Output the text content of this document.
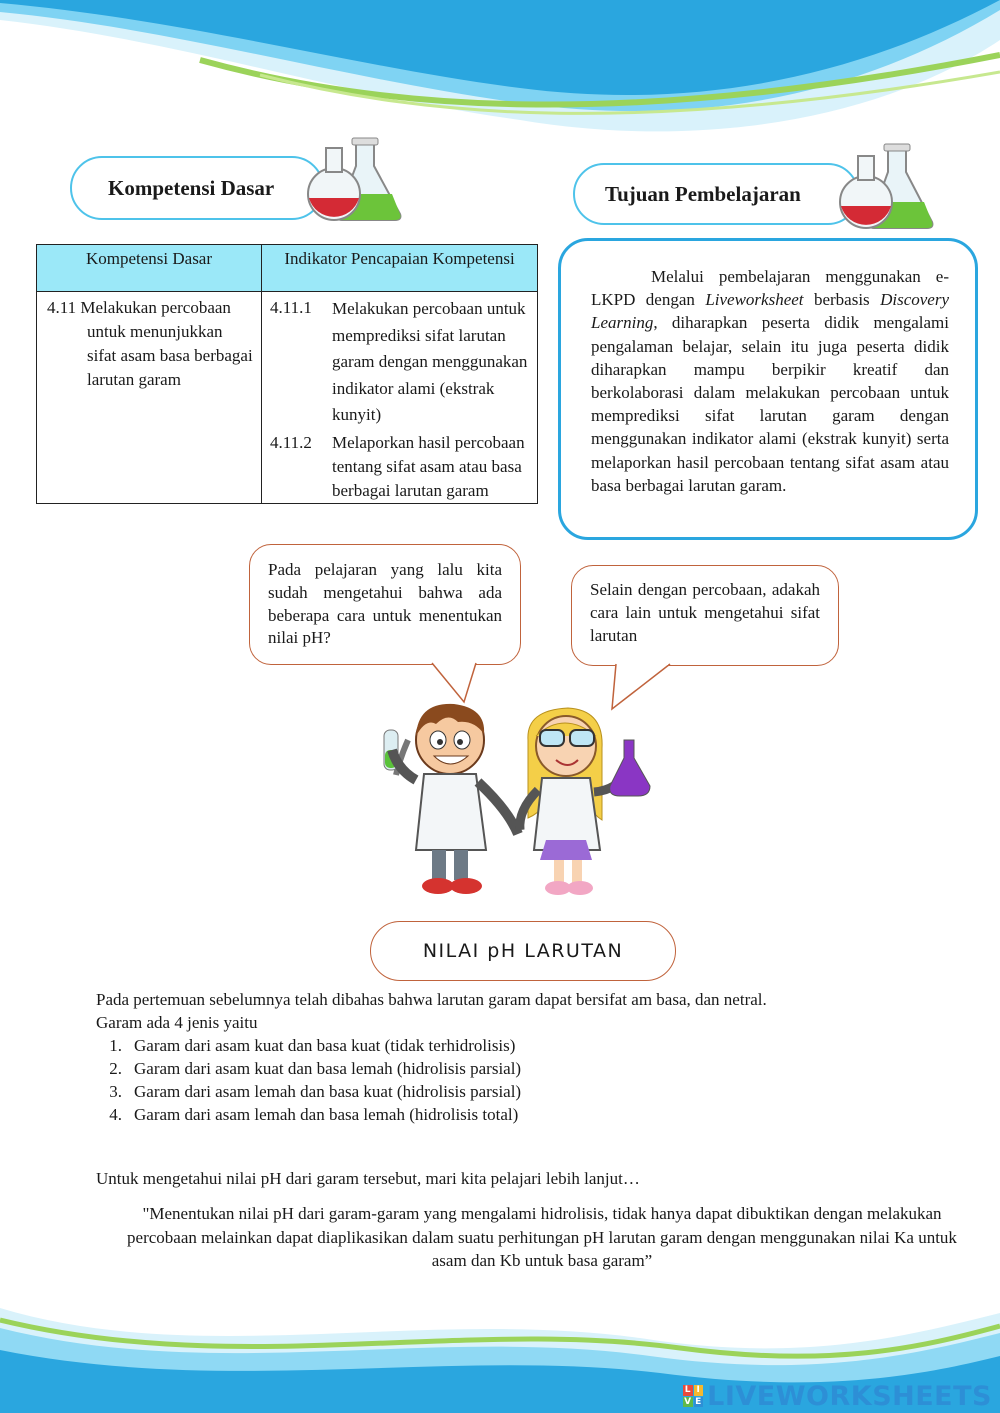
Kompetensi Dasar	Tujuan Pembelajaran
Kompetensi Dasar	Indikator Pencapaian Kompetensi
4.11 Melakukan percobaan untuk menunjukkan sifat asam basa berbagai larutan garam	4.11.1 Melakukan percobaan untuk memprediksi sifat larutan garam dengan menggunakan indikator alami (ekstrak kunyit)
4.11.2 Melaporkan hasil percobaan tentang sifat asam atau basa berbagai larutan garam

Melalui pembelajaran menggunakan e-LKPD dengan Liveworksheet berbasis Discovery Learning, diharapkan peserta didik mengalami pengalaman belajar, selain itu juga peserta didik diharapkan mampu berpikir kreatif dan berkolaborasi dalam melakukan percobaan untuk memprediksi sifat larutan garam dengan menggunakan indikator alami (ekstrak kunyit) serta melaporkan hasil percobaan tentang sifat asam atau basa berbagai larutan garam.

Pada pelajaran yang lalu kita sudah mengetahui bahwa ada beberapa cara untuk menentukan nilai pH?
Selain dengan percobaan, adakah cara lain untuk mengetahui sifat larutan
NILAI pH LARUTAN
Pada pertemuan sebelumnya telah dibahas bahwa larutan garam dapat bersifat am basa, dan netral.
Garam ada 4 jenis yaitu
1. Garam dari asam kuat dan basa kuat (tidak terhidrolisis)
2. Garam dari asam kuat dan basa lemah (hidrolisis parsial)
3. Garam dari asam lemah dan basa kuat (hidrolisis parsial)
4. Garam dari asam lemah dan basa lemah (hidrolisis total)
Untuk mengetahui nilai pH dari garam tersebut, mari kita pelajari lebih lanjut…
"Menentukan nilai pH dari garam-garam yang mengalami hidrolisis, tidak hanya dapat dibuktikan dengan melakukan percobaan melainkan dapat diaplikasikan dalam suatu perhitungan pH larutan garam dengan menggunakan nilai Ka untuk asam dan Kb untuk basa garam”
L I
V E LIVEWORKSHEETS
